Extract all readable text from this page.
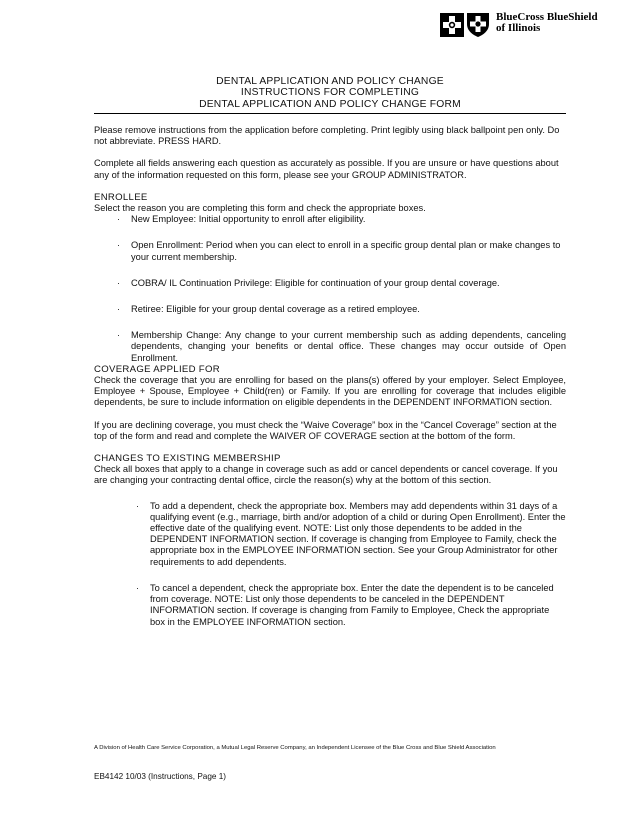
BlueCross BlueShield
of Illinois
DENTAL APPLICATION AND POLICY CHANGE
INSTRUCTIONS FOR COMPLETING
DENTAL APPLICATION AND POLICY CHANGE FORM

Please remove instructions from the application before completing. Print legibly using black ballpoint pen only. Do not abbreviate. PRESS HARD.

Complete all fields answering each question as accurately as possible. If you are unsure or have questions about any of the information requested on this form, please see your GROUP ADMINISTRATOR.

ENROLLEE

Select the reason you are completing this form and check the appropriate boxes.

· New Employee: Initial opportunity to enroll after eligibility.
· Open Enrollment: Period when you can elect to enroll in a specific group dental plan or make changes to your current membership.
· COBRA/ IL Continuation Privilege: Eligible for continuation of your group dental coverage.
· Retiree: Eligible for your group dental coverage as a retired employee.
· Membership Change: Any change to your current membership such as adding dependents, canceling dependents, changing your benefits or dental office. These changes may occur outside of Open Enrollment.

COVERAGE APPLIED FOR

Check the coverage that you are enrolling for based on the plans(s) offered by your employer. Select Employee, Employee + Spouse, Employee + Child(ren) or Family. If you are enrolling for coverage that includes eligible dependents, be sure to include information on eligible dependents in the DEPENDENT INFORMATION section.

If you are declining coverage, you must check the “Waive Coverage” box in the “Cancel Coverage” section at the top of the form and read and complete the WAIVER OF COVERAGE section at the bottom of the form.

CHANGES TO EXISTING MEMBERSHIP

Check all boxes that apply to a change in coverage such as add or cancel dependents or cancel coverage. If you are changing your contracting dental office, circle the reason(s) why at the bottom of this section.

· To add a dependent, check the appropriate box. Members may add dependents within 31 days of a qualifying event (e.g., marriage, birth and/or adoption of a child or during Open Enrollment). Enter the effective date of the qualifying event. NOTE: List only those dependents to be added in the DEPENDENT INFORMATION section. If coverage is changing from Employee to Family, check the appropriate box in the EMPLOYEE INFORMATION section. See your Group Administrator for other requirements to add dependents.
· To cancel a dependent, check the appropriate box. Enter the date the dependent is to be canceled from coverage. NOTE: List only those dependents to be canceled in the DEPENDENT INFORMATION section. If coverage is changing from Family to Employee, Check the appropriate box in the EMPLOYEE INFORMATION section.
A Division of Health Care Service Corporation, a Mutual Legal Reserve Company, an Independent Licensee of the Blue Cross and Blue Shield Association
EB4142 10/03 (Instructions, Page 1)
